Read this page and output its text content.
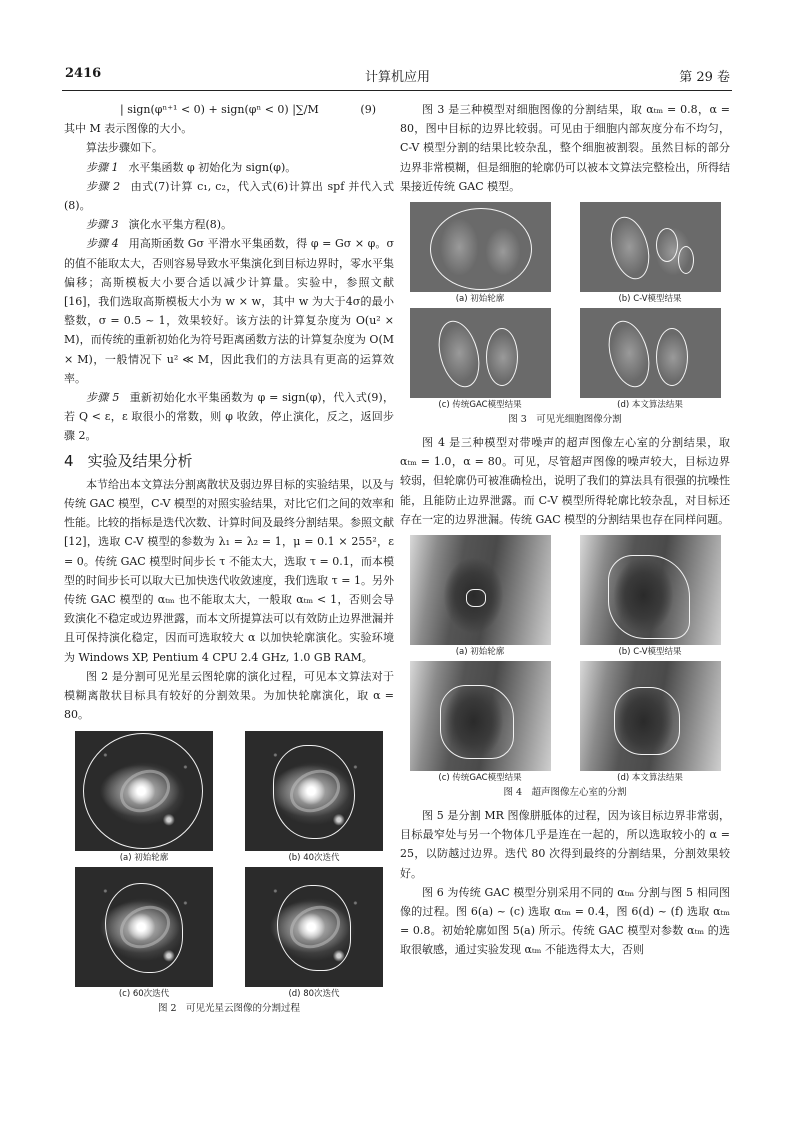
2416	计算机应用	第 29 卷
| sign(φⁿ⁺¹ < 0) + sign(φⁿ < 0) |∑/M	(9)

其中 M 表示图像的大小。

算法步骤如下。

步骤 1 水平集函数 φ 初始化为 sign(φ)。

步骤 2 由式(7)计算 c₁, c₂，代入式(6)计算出 spf 并代入式(8)。

步骤 3 演化水平集方程(8)。

步骤 4 用高斯函数 Gσ 平滑水平集函数，得 φ = Gσ × φ。σ 的值不能取太大，否则容易导致水平集演化到目标边界时，零水平集偏移；高斯模板大小要合适以减少计算量。实验中，参照文献[16]，我们选取高斯模板大小为 w × w，其中 w 为大于4σ的最小整数，σ = 0.5 ~ 1，效果较好。该方法的计算复杂度为 O(u² × M)，而传统的重新初始化为符号距离函数方法的计算复杂度为 O(M × M)，一般情况下 u² ≪ M，因此我们的方法具有更高的运算效率。

步骤 5 重新初始化水平集函数为 φ = sign(φ)，代入式(9)，若 Q < ε，ε 取很小的常数，则 φ 收敛，停止演化，反之，返回步骤 2。

4 实验及结果分析

本节给出本文算法分割离散状及弱边界目标的实验结果，以及与传统 GAC 模型，C-V 模型的对照实验结果，对比它们之间的效率和性能。比较的指标是迭代次数、计算时间及最终分割结果。参照文献[12]，选取 C-V 模型的参数为 λ₁ = λ₂ = 1，μ = 0.1 × 255²，ε = 0。传统 GAC 模型时间步长 τ 不能太大，选取 τ = 0.1，而本模型的时间步长可以取大已加快迭代收敛速度，我们选取 τ = 1。另外传统 GAC 模型的 αₜₘ 也不能取太大，一般取 αₜₘ < 1，否则会导致演化不稳定或边界泄露，而本文所提算法可以有效防止边界泄漏并且可保持演化稳定，因而可选取较大 α 以加快轮廓演化。实验环境为 Windows XP, Pentium 4 CPU 2.4 GHz, 1.0 GB RAM。

图 2 是分割可见光星云图轮廓的演化过程，可见本文算法对于模糊离散状目标具有较好的分割效果。为加快轮廓演化，取 α = 80。

(a) 初始轮廓	(b) 40次迭代
(c) 60次迭代	(d) 80次迭代
图 2　可见光星云图像的分割过程

图 3 是三种模型对细胞图像的分割结果，取 αₜₘ = 0.8，α = 80，图中目标的边界比较弱。可见由于细胞内部灰度分布不均匀，C-V 模型分割的结果比较杂乱，整个细胞被割裂。虽然目标的部分边界非常模糊，但是细胞的轮廓仍可以被本文算法完整检出，所得结果接近传统 GAC 模型。

(a) 初始轮廓	(b) C-V模型结果
(c) 传统GAC模型结果	(d) 本文算法结果
图 3　可见光细胞图像分割

图 4 是三种模型对带噪声的超声图像左心室的分割结果，取 αₜₘ = 1.0，α = 80。可见，尽管超声图像的噪声较大，目标边界较弱，但轮廓仍可被准确检出，说明了我们的算法具有很强的抗噪性能，且能防止边界泄露。而 C-V 模型所得轮廓比较杂乱，对目标还存在一定的边界泄漏。传统 GAC 模型的分割结果也存在同样问题。

(a) 初始轮廓	(b) C-V模型结果
(c) 传统GAC模型结果	(d) 本文算法结果
图 4　超声图像左心室的分割

图 5 是分割 MR 图像胼胝体的过程，因为该目标边界非常弱，目标最窄处与另一个物体几乎是连在一起的，所以选取较小的 α = 25，以防越过边界。迭代 80 次得到最终的分割结果，分割效果较好。

图 6 为传统 GAC 模型分别采用不同的 αₜₘ 分割与图 5 相同图像的过程。图 6(a) ~ (c) 选取 αₜₘ = 0.4，图 6(d) ~ (f) 选取 αₜₘ = 0.8。初始轮廓如图 5(a) 所示。传统 GAC 模型对参数 αₜₘ 的选取很敏感，通过实验发现 αₜₘ 不能选得太大，否则
